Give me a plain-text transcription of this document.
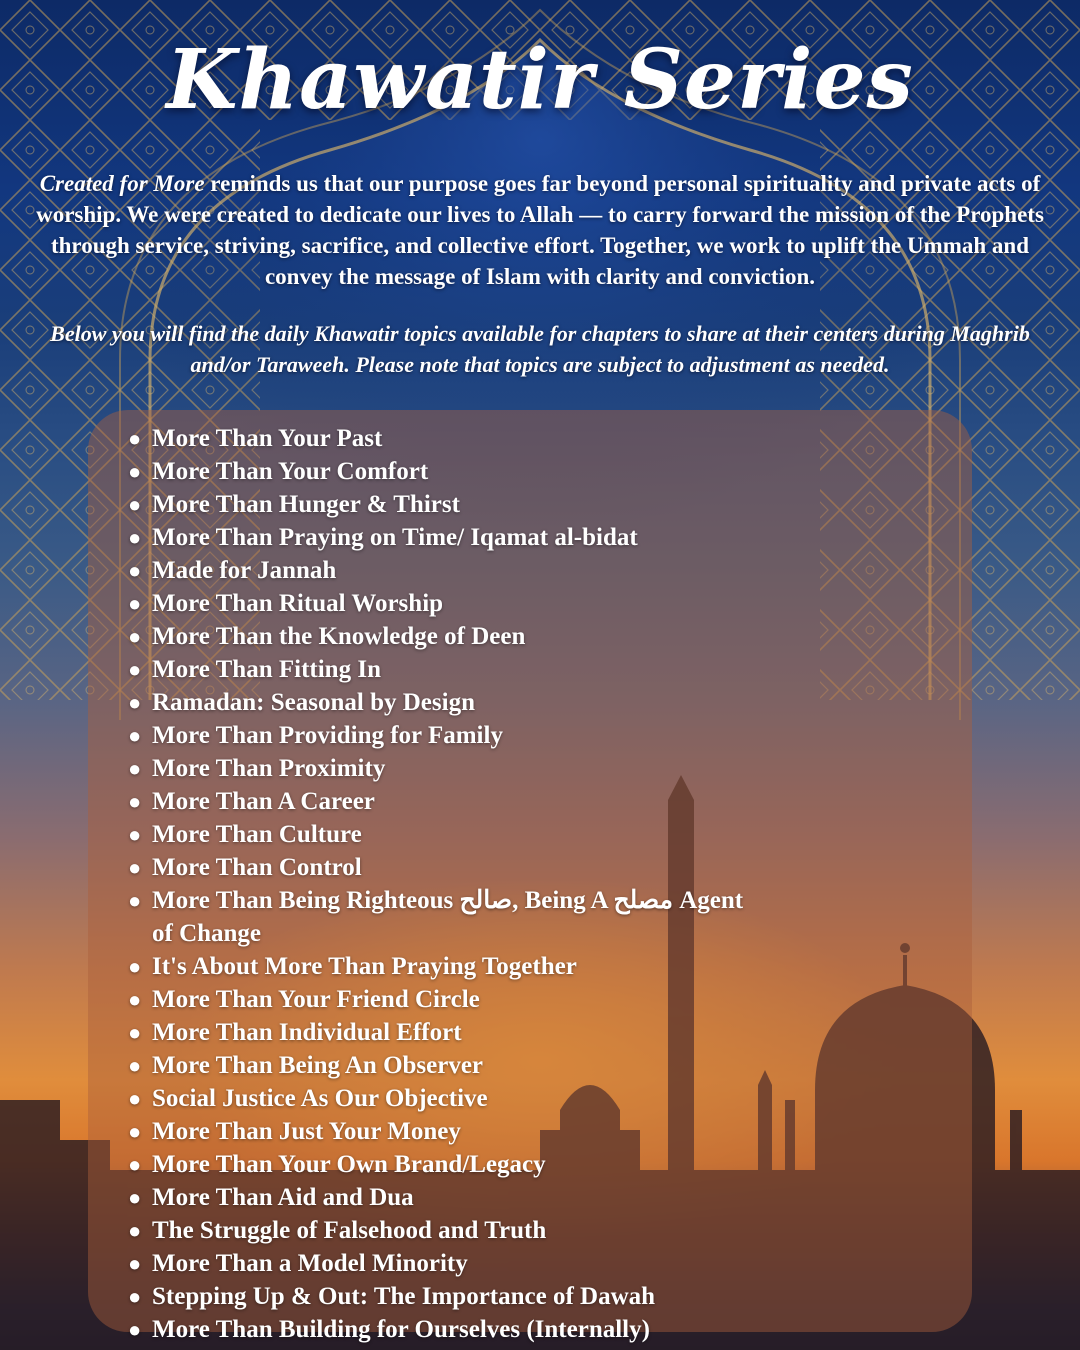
Khawatir Series

Created for More reminds us that our purpose goes far beyond personal spirituality and private acts of worship. We were created to dedicate our lives to Allah — to carry forward the mission of the Prophets through service, striving, sacrifice, and collective effort. Together, we work to uplift the Ummah and convey the message of Islam with clarity and conviction.

Below you will find the daily Khawatir topics available for chapters to share at their centers during Maghrib and/or Taraweeh. Please note that topics are subject to adjustment as needed.

● More Than Your Past
● More Than Your Comfort
● More Than Hunger & Thirst
● More Than Praying on Time/ Iqamat al-bidat
● Made for Jannah
● More Than Ritual Worship
● More Than the Knowledge of Deen
● More Than Fitting In
● Ramadan: Seasonal by Design
● More Than Providing for Family
● More Than Proximity
● More Than A Career
● More Than Culture
● More Than Control
● More Than Being Righteous صالح, Being A مصلح Agent of Change
● It's About More Than Praying Together
● More Than Your Friend Circle
● More Than Individual Effort
● More Than Being An Observer
● Social Justice As Our Objective
● More Than Just Your Money
● More Than Your Own Brand/Legacy
● More Than Aid and Dua
● The Struggle of Falsehood and Truth
● More Than a Model Minority
● Stepping Up & Out: The Importance of Dawah
● More Than Building for Ourselves (Internally)
